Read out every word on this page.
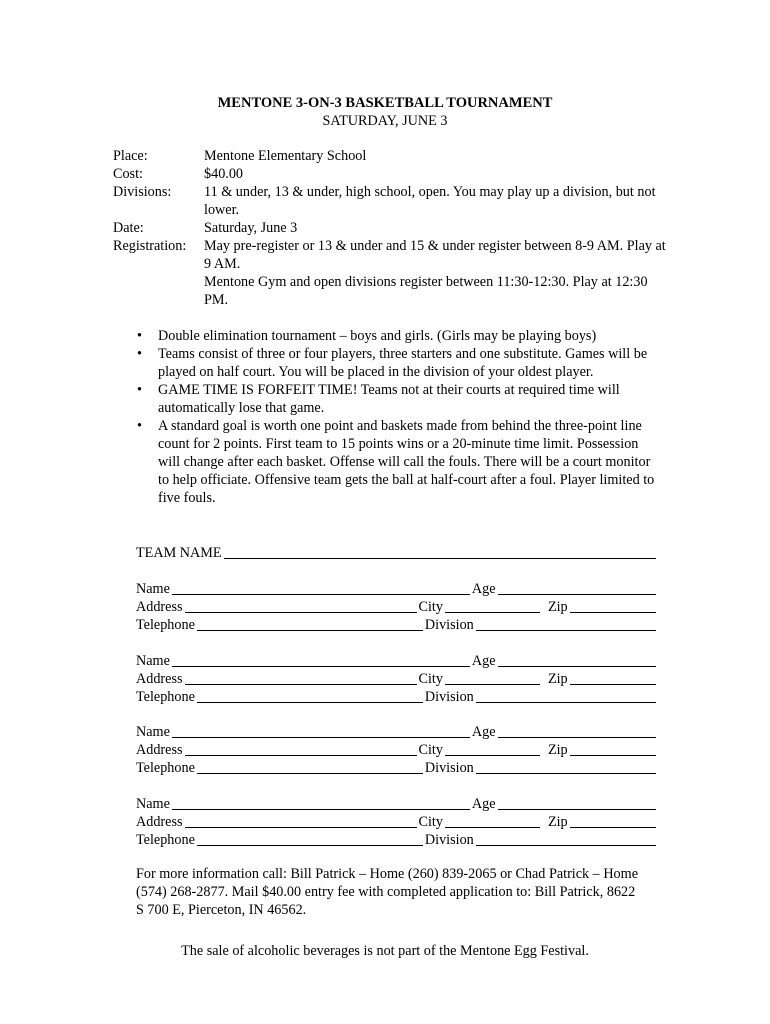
MENTONE 3-ON-3 BASKETBALL TOURNAMENT
SATURDAY, JUNE 3
Place:	Mentone Elementary School
Cost:	$40.00
Divisions:	11 & under, 13 & under, high school, open. You may play up a division, but not lower.
Date:	Saturday, June 3
Registration:	May pre-register or 13 & under and 15 & under register between 8-9 AM. Play at 9 AM.
Mentone Gym and open divisions register between 11:30-12:30. Play at 12:30 PM.
• Double elimination tournament – boys and girls. (Girls may be playing boys)
• Teams consist of three or four players, three starters and one substitute. Games will be played on half court. You will be placed in the division of your oldest player.
• GAME TIME IS FORFEIT TIME! Teams not at their courts at required time will automatically lose that game.
• A standard goal is worth one point and baskets made from behind the three-point line count for 2 points. First team to 15 points wins or a 20-minute time limit. Possession will change after each basket. Offense will call the fouls. There will be a court monitor to help officiate. Offensive team gets the ball at half-court after a foul. Player limited to five fouls.
TEAM NAME
Name	Age
Address	City	Zip
Telephone	Division
Name	Age
Address	City	Zip
Telephone	Division
Name	Age
Address	City	Zip
Telephone	Division
Name	Age
Address	City	Zip
Telephone	Division
For more information call: Bill Patrick – Home (260) 839-2065 or Chad Patrick – Home (574) 268-2877. Mail $40.00 entry fee with completed application to: Bill Patrick, 8622 S 700 E, Pierceton, IN 46562.
The sale of alcoholic beverages is not part of the Mentone Egg Festival.
